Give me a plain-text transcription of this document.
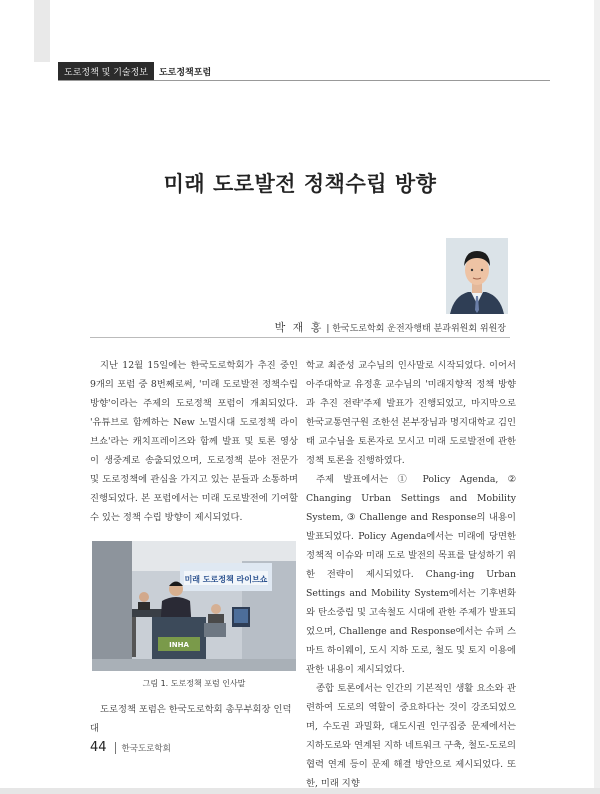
도로정책 및 기술정보	도로정책포럼
미래 도로발전 정책수립 방향
박 재 홍 | 한국도로학회 운전자행태 분과위원회 위원장

지난 12월 15일에는 한국도로학회가 추진 중인 9개의 포럼 중 8번째로써, '미래 도로발전 정책수립 방향'이라는 주제의 도로정책 포럼이 개최되었다. '유튜브로 함께하는 New 노멀시대 도로정책 라이브쇼'라는 캐치프레이즈와 함께 발표 및 토론 영상이 생중계로 송출되었으며, 도로정책 분야 전문가 및 도로정책에 관심을 가지고 있는 분들과 소통하며 진행되었다. 본 포럼에서는 미래 도로발전에 기여할 수 있는 정책 수립 방향이 제시되었다.

미래 도로정책 라이브쇼
INHA
그림 1. 도로정책 포럼 인사말
도로정책 포럼은 한국도로학회 총무부회장 인덕대

학교 최준성 교수님의 인사말로 시작되었다. 이어서 아주대학교 유정훈 교수님의 '미래지향적 정책 방향과 추진 전략'주제 발표가 진행되었고, 마지막으로 한국교통연구원 조한선 본부장님과 명지대학교 김인태 교수님을 토론자로 모시고 미래 도로발전에 관한 정책 토론을 진행하였다.

주제 발표에서는 ① Policy Agenda, ② Changing Urban Settings and Mobility System, ③ Challenge and Response의 내용이 발표되었다. Policy Agenda에서는 미래에 당면한 정책적 이슈와 미래 도로 발전의 목표를 달성하기 위한 전략이 제시되었다. Chang-ing Urban Settings and Mobility System에서는 기후변화와 탄소중립 및 고속철도 시대에 관한 주제가 발표되었으며, Challenge and Response에서는 슈퍼 스마트 하이웨이, 도시 지하 도로, 철도 및 토지 이용에 관한 내용이 제시되었다.

종합 토론에서는 인간의 기본적인 생활 요소와 관련하여 도로의 역할이 중요하다는 것이 강조되었으며, 수도권 과밀화, 대도시권 인구집중 문제에서는 지하도로와 연계된 지하 네트워크 구축, 철도-도로의 협력 연계 등이 문제 해결 방안으로 제시되었다. 또한, 미래 지향

44 한국도로학회
